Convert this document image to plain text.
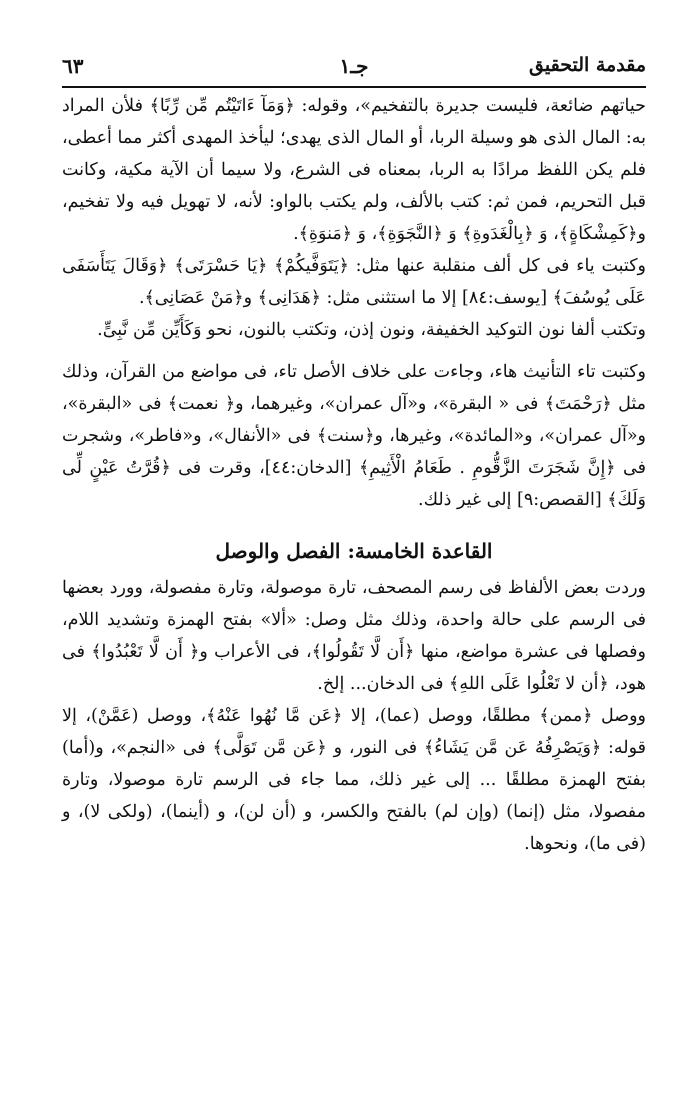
مقدمة التحقيق
جـ١
٦٣

حياتهم ضائعة، فليست جديرة بالتفخيم»، وقوله: ﴿وَمَآ ءَاتَيْتُم مِّن رِّبًا﴾ فلأن المراد به: المال الذى هو وسيلة الربا، أو المال الذى يهدى؛ ليأخذ المهدى أكثر مما أعطى، فلم يكن اللفظ مرادًا به الربا، بمعناه فى الشرع، ولا سيما أن الآية مكية، وكانت قبل التحريم، فمن ثم: كتب بالألف، ولم يكتب بالواو: لأنه، لا تهويل فيه ولا تفخيم، و﴿كَمِشْكَاةٍ﴾، وَ ﴿بِالْغَدَوةِ﴾ وَ ﴿النَّجَوَةِ﴾، وَ ﴿مَنوَةِ﴾.

وكتبت ياء فى كل ألف منقلبة عنها مثل: ﴿يَتَوَفَّيكُمْ﴾ ﴿يَا حَسْرَتَى﴾ ﴿وَقَالَ يَتَأَسَفَى عَلَى يُوسُفَ﴾ [يوسف:٨٤] إلا ما استثنى مثل: ﴿هَدَانِى﴾ و﴿مَنْ عَصَانِى﴾.

وتكتب ألفا نون التوكيد الخفيفة، ونون إذن، وتكتب بالنون، نحو وَكَأَيِّن مِّن نَّبِىٍّ.

وكتبت تاء التأنيث هاء، وجاءت على خلاف الأصل تاء، فى مواضع من القرآن، وذلك مثل ﴿رَحْمَتَ﴾ فى « البقرة»، و«آل عمران»، وغيرهما، و﴿ نعمت﴾ فى «البقرة»، و«آل عمران»، و«المائدة»، وغيرها، و﴿سنت﴾ فى «الأنفال»، و«فاطر»، وشجرت فى ﴿إِنَّ شَجَرَتَ الزَّقُّومِ . طَعَامُ الْأَثِيمِ﴾ [الدخان:٤٤]، وقرت فى ﴿قُرَّتُ عَيْنٍ لِّى وَلَكَ﴾ [القصص:٩] إلى غير ذلك.

القاعدة الخامسة: الفصل والوصل

وردت بعض الألفاظ فى رسم المصحف، تارة موصولة، وتارة مفصولة، وورد بعضها فى الرسم على حالة واحدة، وذلك مثل وصل: «ألا» بفتح الهمزة وتشديد اللام، وفصلها فى عشرة مواضع، منها ﴿أَن لَّا تَقُولُوا﴾، فى الأعراب و﴿ أَن لَّا تَعْبُدُوا﴾ فى هود، ﴿أن لا تَعْلُوا عَلَى اللهِ﴾ فى الدخان... إلخ.

ووصل ﴿ممن﴾ مطلقًا، ووصل (عما)، إلا ﴿عَن مَّا نُهُوا عَنْهُ﴾، ووصل (عَمَّنْ)، إلا قوله: ﴿وَيَصْرِفُهُ عَن مَّن يَشَاءُ﴾ فى النور، و ﴿عَن مَّن تَوَلَّى﴾ فى «النجم»، و(أما) بفتح الهمزة مطلقًا ... إلى غير ذلك، مما جاء فى الرسم تارة موصولا، وتارة مفصولا، مثل (إنما) (وإن لم) بالفتح والكسر، و (أن لن)، و (أينما)، (ولكى لا)، و (فى ما)، ونحوها.
